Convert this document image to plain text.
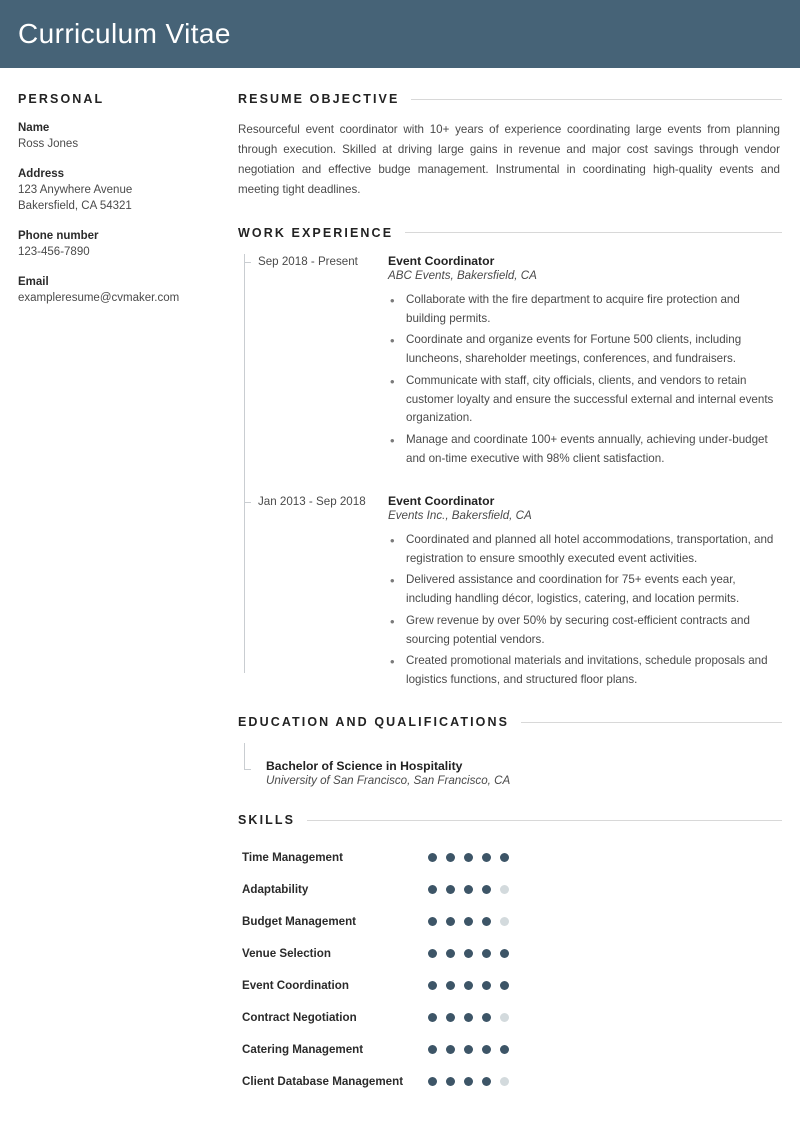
Curriculum Vitae
PERSONAL
Name
Ross Jones
Address
123 Anywhere Avenue
Bakersfield, CA 54321
Phone number
123-456-7890
Email
exampleresume@cvmaker.com
RESUME OBJECTIVE

Resourceful event coordinator with 10+ years of experience coordinating large events from planning through execution. Skilled at driving large gains in revenue and major cost savings through vendor negotiation and effective budge management. Instrumental in coordinating high-quality events and meeting tight deadlines.

WORK EXPERIENCE
Sep 2018 - Present	Event Coordinator
ABC Events, Bakersfield, CA
• Collaborate with the fire department to acquire fire protection and building permits.
• Coordinate and organize events for Fortune 500 clients, including luncheons, shareholder meetings, conferences, and fundraisers.
• Communicate with staff, city officials, clients, and vendors to retain customer loyalty and ensure the successful external and internal events organization.
• Manage and coordinate 100+ events annually, achieving under-budget and on-time executive with 98% client satisfaction.
Jan 2013 - Sep 2018	Event Coordinator
Events Inc., Bakersfield, CA
• Coordinated and planned all hotel accommodations, transportation, and registration to ensure smoothly executed event activities.
• Delivered assistance and coordination for 75+ events each year, including handling décor, logistics, catering, and location permits.
• Grew revenue by over 50% by securing cost-efficient contracts and sourcing potential vendors.
• Created promotional materials and invitations, schedule proposals and logistics functions, and structured floor plans.
EDUCATION AND QUALIFICATIONS
Bachelor of Science in Hospitality
University of San Francisco, San Francisco, CA
SKILLS
Time Management
Adaptability
Budget Management
Venue Selection
Event Coordination
Contract Negotiation
Catering Management
Client Database Management
